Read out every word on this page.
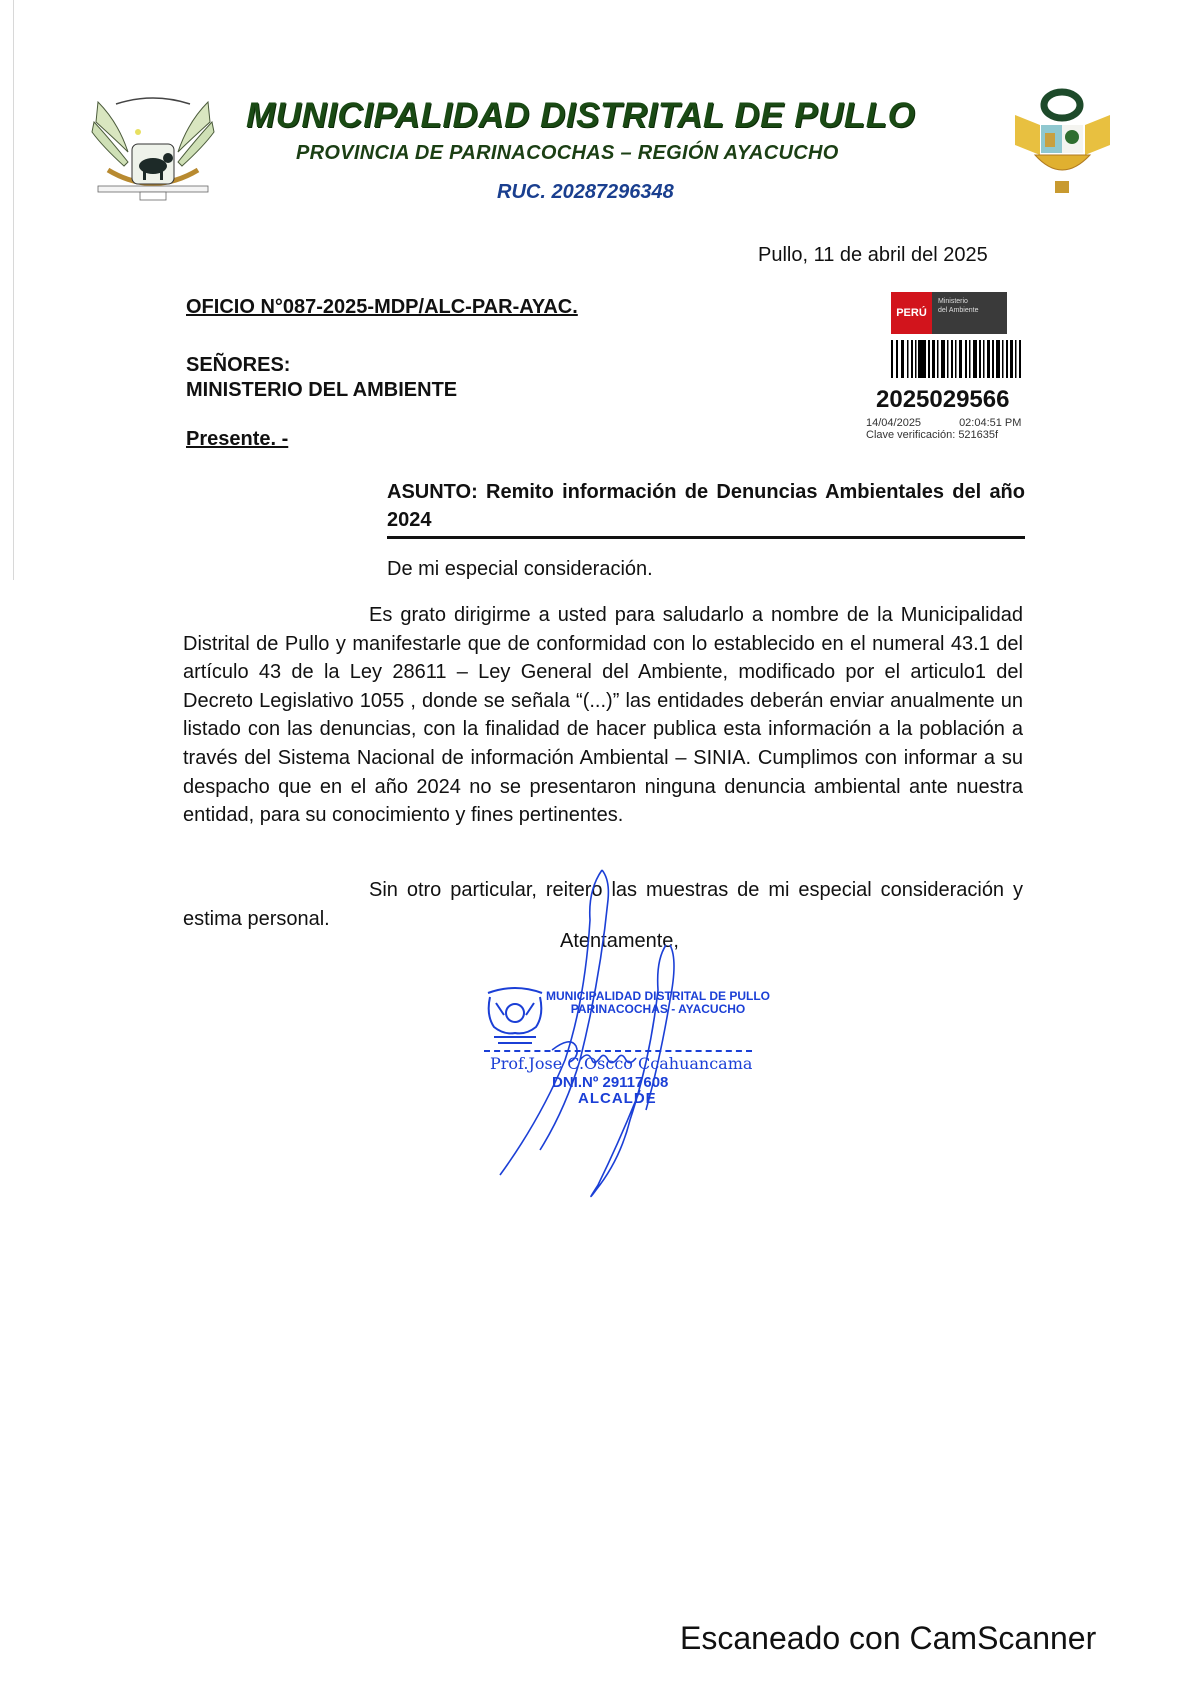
MUNICIPALIDAD DISTRITAL DE PULLO
PROVINCIA DE PARINACOCHAS – REGIÓN AYACUCHO
RUC. 20287296348
Pullo, 11 de abril del 2025
OFICIO N°087-2025-MDP/ALC-PAR-AYAC.
SEÑORES:
MINISTERIO DEL AMBIENTE
Presente. -
PERÚ
Ministerio
del Ambiente
2025029566
14/04/2025	02:04:51 PM
Clave verificación: 521635f
ASUNTO: Remito información de Denuncias Ambientales del año 2024
De mi especial consideración.
Es grato dirigirme a usted para saludarlo a nombre de la Municipalidad Distrital de Pullo y manifestarle que de conformidad con lo establecido en el numeral 43.1 del artículo 43 de la Ley 28611 – Ley General del Ambiente, modificado por el articulo1 del Decreto Legislativo 1055 , donde se señala “(...)” las entidades deberán enviar anualmente un listado con las denuncias, con la finalidad de hacer publica esta información a la población a través del Sistema Nacional de información Ambiental – SINIA. Cumplimos con informar a su despacho que en el año 2024 no se presentaron ninguna denuncia ambiental ante nuestra entidad, para su conocimiento y fines pertinentes.
Sin otro particular, reitero las muestras de mi especial consideración y estima personal.
Atentamente,
MUNICIPALIDAD DISTRITAL DE PULLO
PARINACOCHAS - AYACUCHO
Prof.Jose C.Oscco Ccahuancama
DNI.Nº 29117608
ALCALDE
Escaneado con CamScanner
